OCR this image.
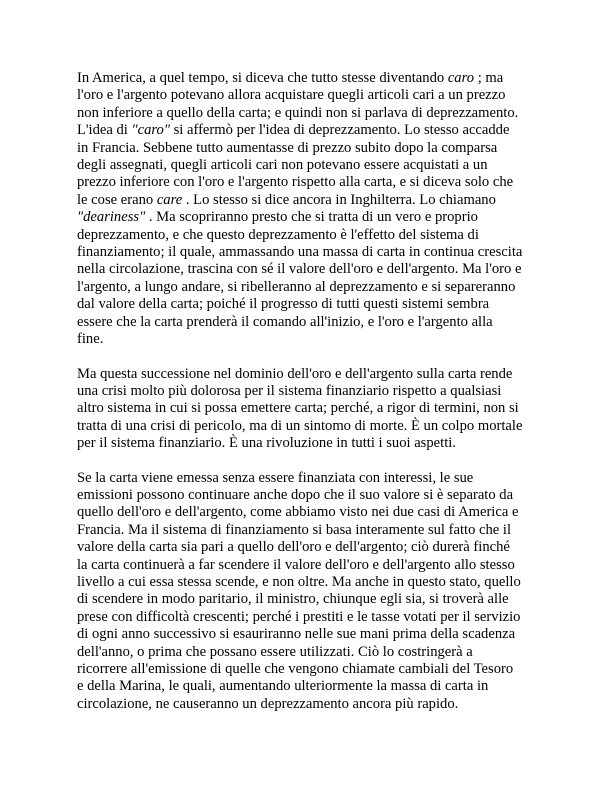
In America, a quel tempo, si diceva che tutto stesse diventando caro ; ma
l'oro e l'argento potevano allora acquistare quegli articoli cari a un prezzo
non inferiore a quello della carta; e quindi non si parlava di deprezzamento.
L'idea di "caro" si affermò per l'idea di deprezzamento. Lo stesso accadde
in Francia. Sebbene tutto aumentasse di prezzo subito dopo la comparsa
degli assegnati, quegli articoli cari non potevano essere acquistati a un
prezzo inferiore con l'oro e l'argento rispetto alla carta, e si diceva solo che
le cose erano care . Lo stesso si dice ancora in Inghilterra. Lo chiamano
"deariness" . Ma scopriranno presto che si tratta di un vero e proprio
deprezzamento, e che questo deprezzamento è l'effetto del sistema di
finanziamento; il quale, ammassando una massa di carta in continua crescita
nella circolazione, trascina con sé il valore dell'oro e dell'argento. Ma l'oro e
l'argento, a lungo andare, si ribelleranno al deprezzamento e si separeranno
dal valore della carta; poiché il progresso di tutti questi sistemi sembra
essere che la carta prenderà il comando all'inizio, e l'oro e l'argento alla
fine.

Ma questa successione nel dominio dell'oro e dell'argento sulla carta rende
una crisi molto più dolorosa per il sistema finanziario rispetto a qualsiasi
altro sistema in cui si possa emettere carta; perché, a rigor di termini, non si
tratta di una crisi di pericolo, ma di un sintomo di morte. È un colpo mortale
per il sistema finanziario. È una rivoluzione in tutti i suoi aspetti.

Se la carta viene emessa senza essere finanziata con interessi, le sue
emissioni possono continuare anche dopo che il suo valore si è separato da
quello dell'oro e dell'argento, come abbiamo visto nei due casi di America e
Francia. Ma il sistema di finanziamento si basa interamente sul fatto che il
valore della carta sia pari a quello dell'oro e dell'argento; ciò durerà finché
la carta continuerà a far scendere il valore dell'oro e dell'argento allo stesso
livello a cui essa stessa scende, e non oltre. Ma anche in questo stato, quello
di scendere in modo paritario, il ministro, chiunque egli sia, si troverà alle
prese con difficoltà crescenti; perché i prestiti e le tasse votati per il servizio
di ogni anno successivo si esauriranno nelle sue mani prima della scadenza
dell'anno, o prima che possano essere utilizzati. Ciò lo costringerà a
ricorrere all'emissione di quelle che vengono chiamate cambiali del Tesoro
e della Marina, le quali, aumentando ulteriormente la massa di carta in
circolazione, ne causeranno un deprezzamento ancora più rapido.
